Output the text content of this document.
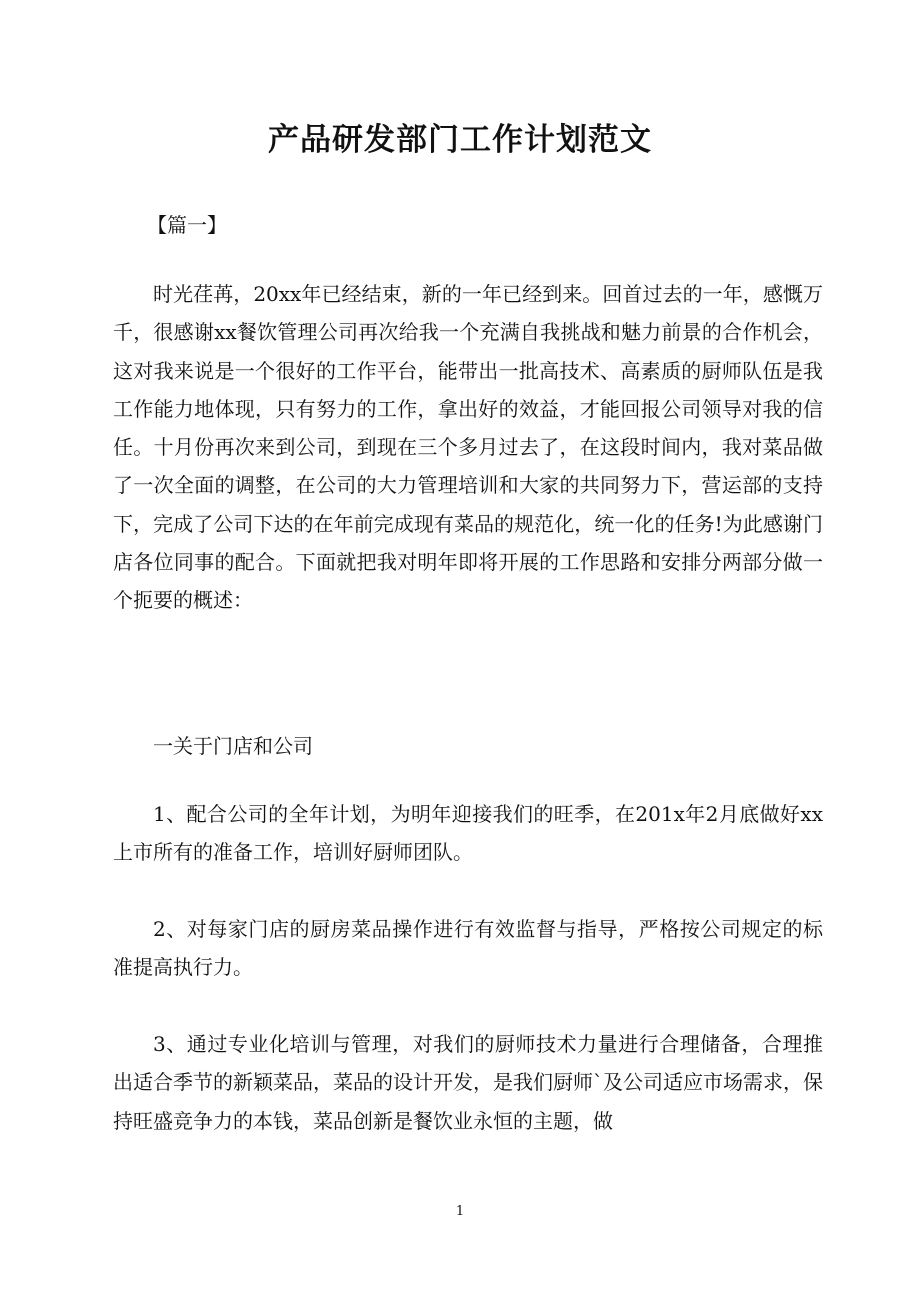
产品研发部门工作计划范文

【篇一】

时光荏苒，20xx年已经结束，新的一年已经到来。回首过去的一年，感慨万千，很感谢xx餐饮管理公司再次给我一个充满自我挑战和魅力前景的合作机会，这对我来说是一个很好的工作平台，能带出一批高技术、高素质的厨师队伍是我工作能力地体现，只有努力的工作，拿出好的效益，才能回报公司领导对我的信任。十月份再次来到公司，到现在三个多月过去了，在这段时间内，我对菜品做了一次全面的调整，在公司的大力管理培训和大家的共同努力下，营运部的支持下，完成了公司下达的在年前完成现有菜品的规范化，统一化的任务!为此感谢门店各位同事的配合。下面就把我对明年即将开展的工作思路和安排分两部分做一个扼要的概述：

一关于门店和公司

1、配合公司的全年计划，为明年迎接我们的旺季，在201x年2月底做好xx上市所有的准备工作，培训好厨师团队。

2、对每家门店的厨房菜品操作进行有效监督与指导，严格按公司规定的标准提高执行力。

3、通过专业化培训与管理，对我们的厨师技术力量进行合理储备，合理推出适合季节的新颖菜品，菜品的设计开发，是我们厨师`及公司适应市场需求，保持旺盛竞争力的本钱，菜品创新是餐饮业永恒的主题，做

1
